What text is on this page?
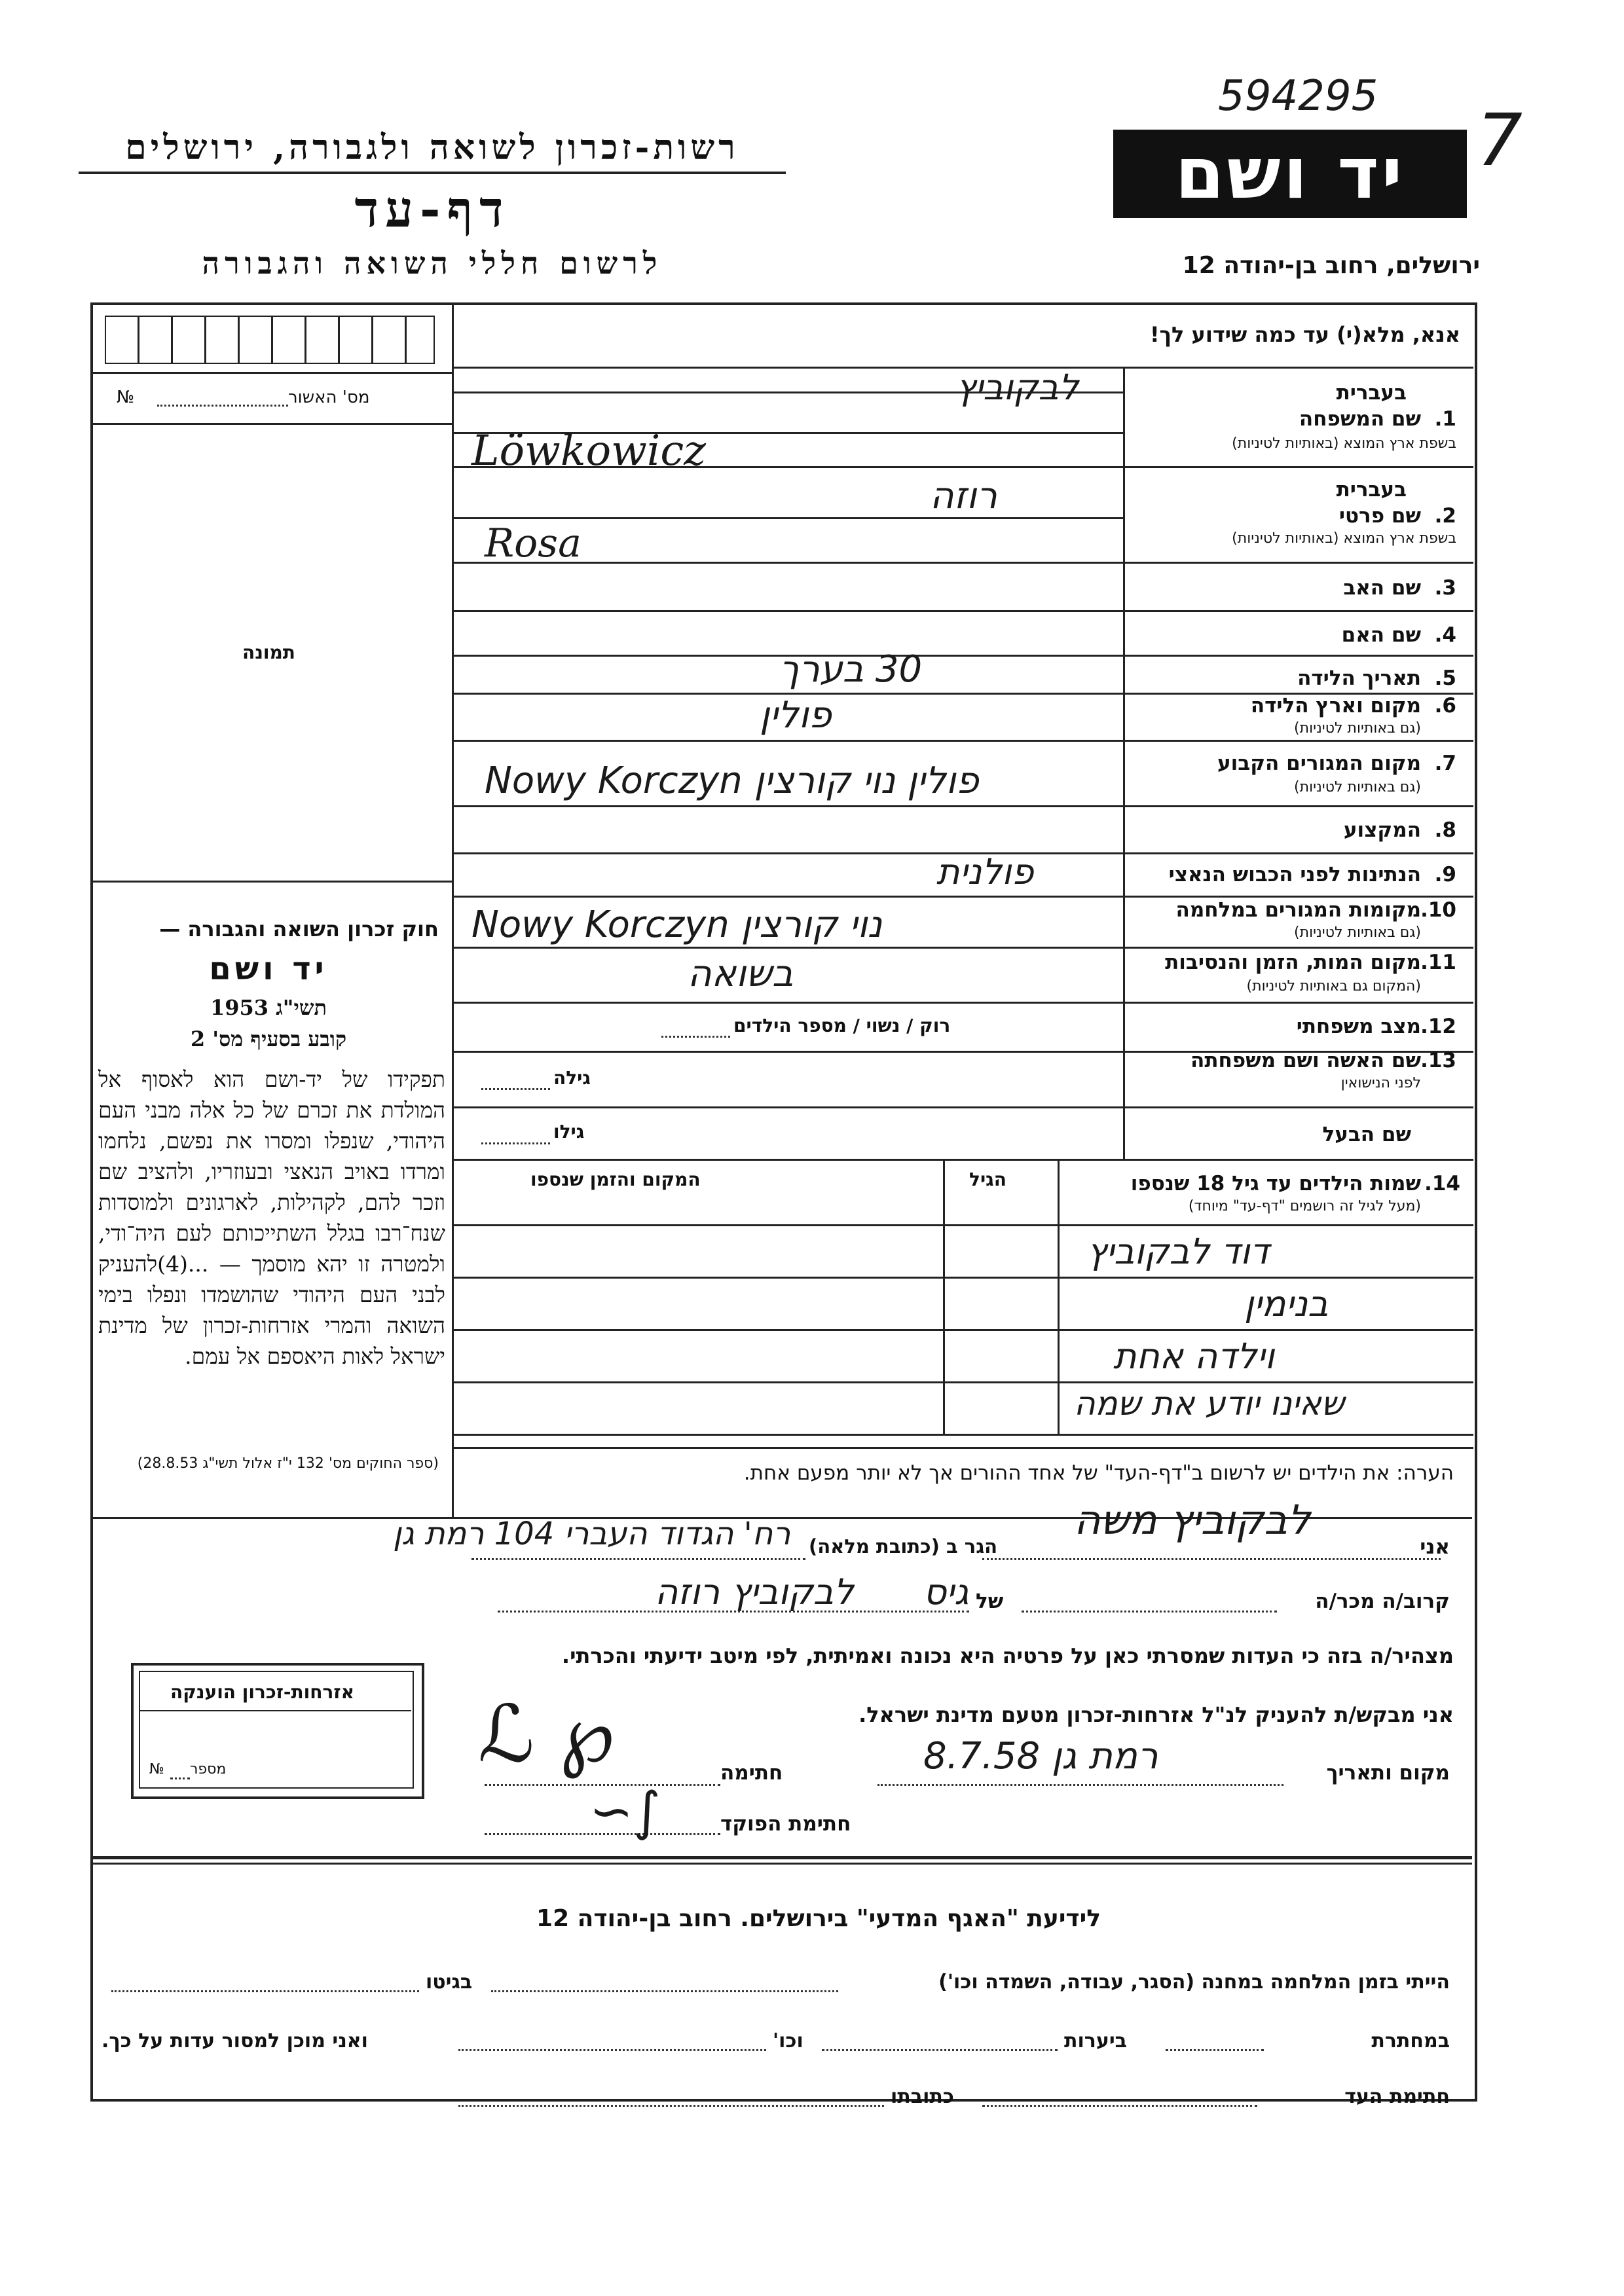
594295
7
רשות-זכרון לשואה ולגבורה, ירושלים
דף-עד
לרשום חללי השואה והגבורה
יד ושם
ירושלים, רחוב בן-יהודה 12
מס' האשור
№
תמונה
חוק זכרון השואה והגבורה —
יד ושם
תשי"ג 1953
קובע בסעיף מס' 2
תפקידו של יד-ושם הוא לאסוף אל המולדת את זכרם של כל אלה מבני העם היהודי, שנפלו ומסרו את נפשם, נלחמו ומרדו באויב הנאצי ובעוזריו, ולהציב שם וזכר להם, לקהילות, לארגונים ולמוסדות שנח־רבו בגלל השתייכותם לעם היה־ודי, ולמטרה זו יהא מוסמך — ...(4)להעניק לבני העם היהודי שהושמדו ונפלו בימי השואה והמרי אזרחות-זכרון של מדינת ישראל לאות היאספם אל עמם.
(ספר החוקים מס' 132 י"ז אלול תשי"ג 28.8.53)
אנא, מלא(י) עד כמה שידוע לך!
בעברית
1.
שם המשפחה
בשפת ארץ המוצא (באותיות לטיניות)
לבקוביץ
Löwkowicz
בעברית
2.
שם פרטי
בשפת ארץ המוצא (באותיות לטיניות)
רוזה
Rosa
3.
שם האב
4.
שם האם
5.
תאריך הלידה
30 בערך
6.
מקום וארץ הלידה
(גם באותיות לטיניות)
פולין
7.
מקום המגורים הקבוע
(גם באותיות לטיניות)
Nowy Korczyn פולין נוי קורצין
8.
המקצוע
9.
הנתינות לפני הכבוש הנאצי
פולנית
10.
מקומות המגורים במלחמה
(גם באותיות לטיניות)
Nowy Korczyn נוי קורצין
11.
מקום המות, הזמן והנסיבות
(המקום גם באותיות לטיניות)
בשואה
12.
מצב משפחתי
רוק / נשוי / מספר הילדים
13.
שם האשה ושם משפחתה
לפני הנישואין
גילה
שם הבעל
גילו
14.
שמות הילדים עד גיל 18 שנספו
(מעל לגיל זה רושמים "דף-עד" מיוחד)
הגיל
המקום והזמן שנספו
דוד לבקוביץ
בנימין
וילדה אחת
שאינו יודע את שמה
הערה: את הילדים יש לרשום ב"דף-העד" של אחד ההורים אך לא יותר מפעם אחת.
אני
לבקוביץ משה
הגר ב (כתובת מלאה)
רח' הגדוד העברי 104 רמת גן
קרוב/ה מכר/ה
גיס של
לבקוביץ רוזה
מצהיר/ה בזה כי העדות שמסרתי כאן על פרטיה היא נכונה ואמיתית, לפי מיטב ידיעתי והכרתי.
אני מבקש/ת להעניק לנ"ל אזרחות-זכרון מטעם מדינת ישראל.
מקום ותאריך
רמת גן 8.7.58
חתימה
ℒ ℘
חתימת הפוקד
∽∫
אזרחות-זכרון הוענקה
מספר
№
לידיעת "האגף המדעי" בירושלים. רחוב בן-יהודה 12
הייתי בזמן המלחמה במחנה (הסגר, עבודה, השמדה וכו')
בגיטו
במחתרת
ביערות
וכו'
ואני מוכן למסור עדות על כך.
חתימת העד
כתובתו
